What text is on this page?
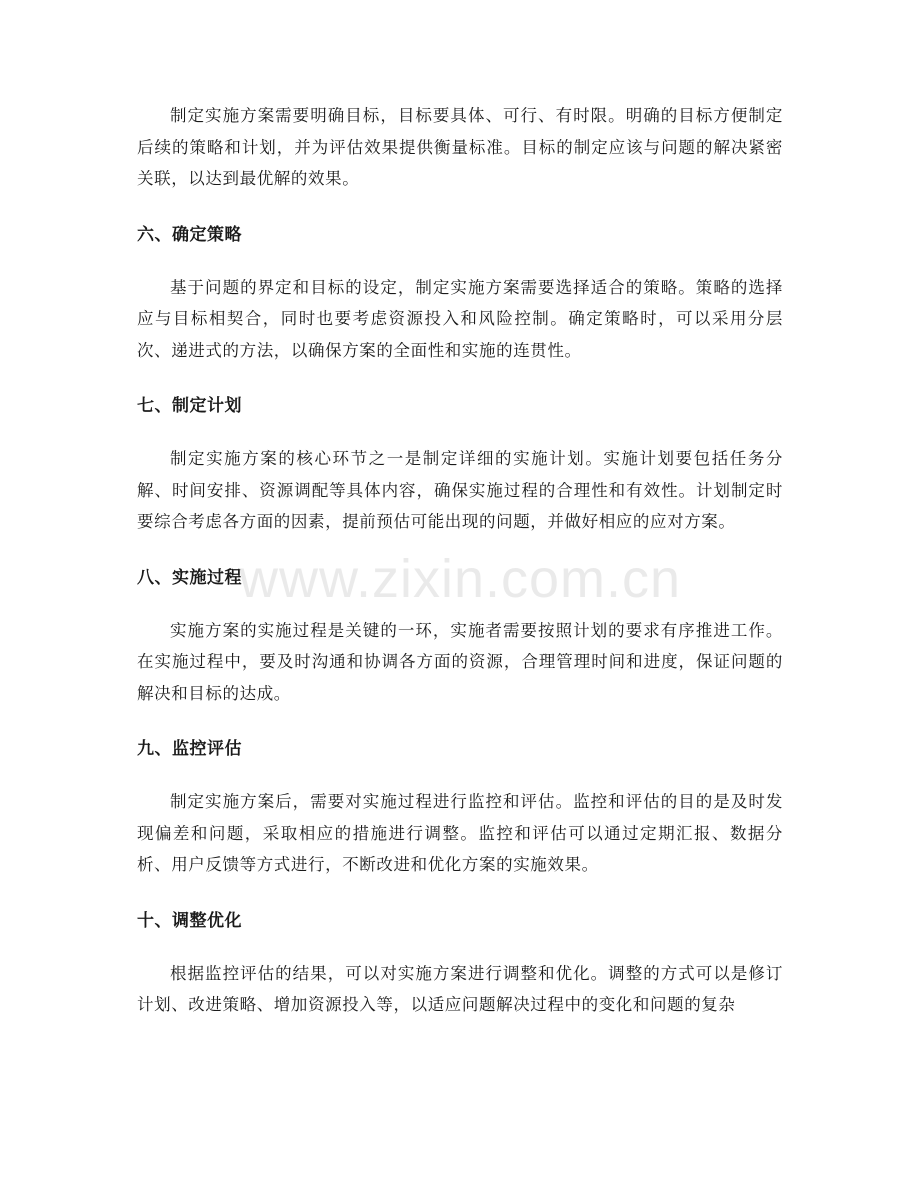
制定实施方案需要明确目标，目标要具体、可行、有时限。明确的目标方便制定后续的策略和计划，并为评估效果提供衡量标准。目标的制定应该与问题的解决紧密关联，以达到最优解的效果。

六、确定策略

基于问题的界定和目标的设定，制定实施方案需要选择适合的策略。策略的选择应与目标相契合，同时也要考虑资源投入和风险控制。确定策略时，可以采用分层次、递进式的方法，以确保方案的全面性和实施的连贯性。

七、制定计划

制定实施方案的核心环节之一是制定详细的实施计划。实施计划要包括任务分解、时间安排、资源调配等具体内容，确保实施过程的合理性和有效性。计划制定时要综合考虑各方面的因素，提前预估可能出现的问题，并做好相应的应对方案。

八、实施过程

实施方案的实施过程是关键的一环，实施者需要按照计划的要求有序推进工作。在实施过程中，要及时沟通和协调各方面的资源，合理管理时间和进度，保证问题的解决和目标的达成。

九、监控评估

制定实施方案后，需要对实施过程进行监控和评估。监控和评估的目的是及时发现偏差和问题，采取相应的措施进行调整。监控和评估可以通过定期汇报、数据分析、用户反馈等方式进行，不断改进和优化方案的实施效果。

十、调整优化

根据监控评估的结果，可以对实施方案进行调整和优化。调整的方式可以是修订计划、改进策略、增加资源投入等，以适应问题解决过程中的变化和问题的复杂

www.zixin.com.cn
